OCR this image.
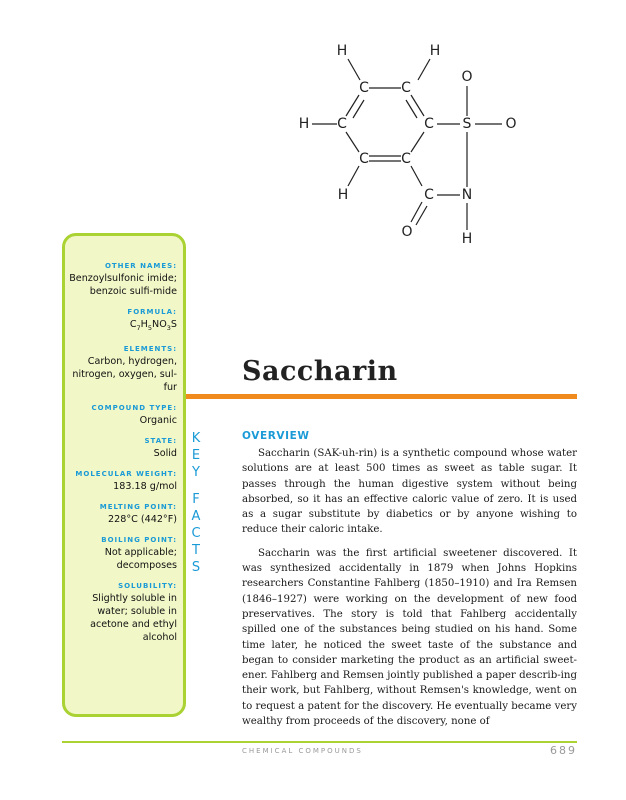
H	H
C C
O
H C	C S O
C C
H	C N
O	H
OTHER NAMES:
Benzoylsulfonic imide; benzoic sulfi-mide
FORMULA:
$C_7H_5NO_3S$
ELEMENTS:
Carbon, hydrogen, nitrogen, oxygen, sul-fur
COMPOUND TYPE:
Organic
STATE:
Solid
MOLECULAR WEIGHT:
183.18 g/mol
MELTING POINT:
228°C (442°F)
BOILING POINT:
Not applicable; decomposes
SOLUBILITY:
Slightly soluble in water; soluble in acetone and ethyl alcohol
K
E
Y
F
A
C
T
S
Saccharin
OVERVIEW

Saccharin (SAK-uh-rin) is a synthetic compound whose water solutions are at least 500 times as sweet as table sugar. It passes through the human digestive system without being absorbed, so it has an effective caloric value of zero. It is used as a sugar substitute by diabetics or by anyone wishing to reduce their caloric intake.

Saccharin was the first artificial sweetener discovered. It was synthesized accidentally in 1879 when Johns Hopkins researchers Constantine Fahlberg (1850–1910) and Ira Remsen (1846–1927) were working on the development of new food preservatives. The story is told that Fahlberg accidentally spilled one of the substances being studied on his hand. Some time later, he noticed the sweet taste of the substance and began to consider marketing the product as an artificial sweet-ener. Fahlberg and Remsen jointly published a paper describ-ing their work, but Fahlberg, without Remsen's knowledge, went on to request a patent for the discovery. He eventually became very wealthy from proceeds of the discovery, none of

CHEMICAL COMPOUNDS	689
